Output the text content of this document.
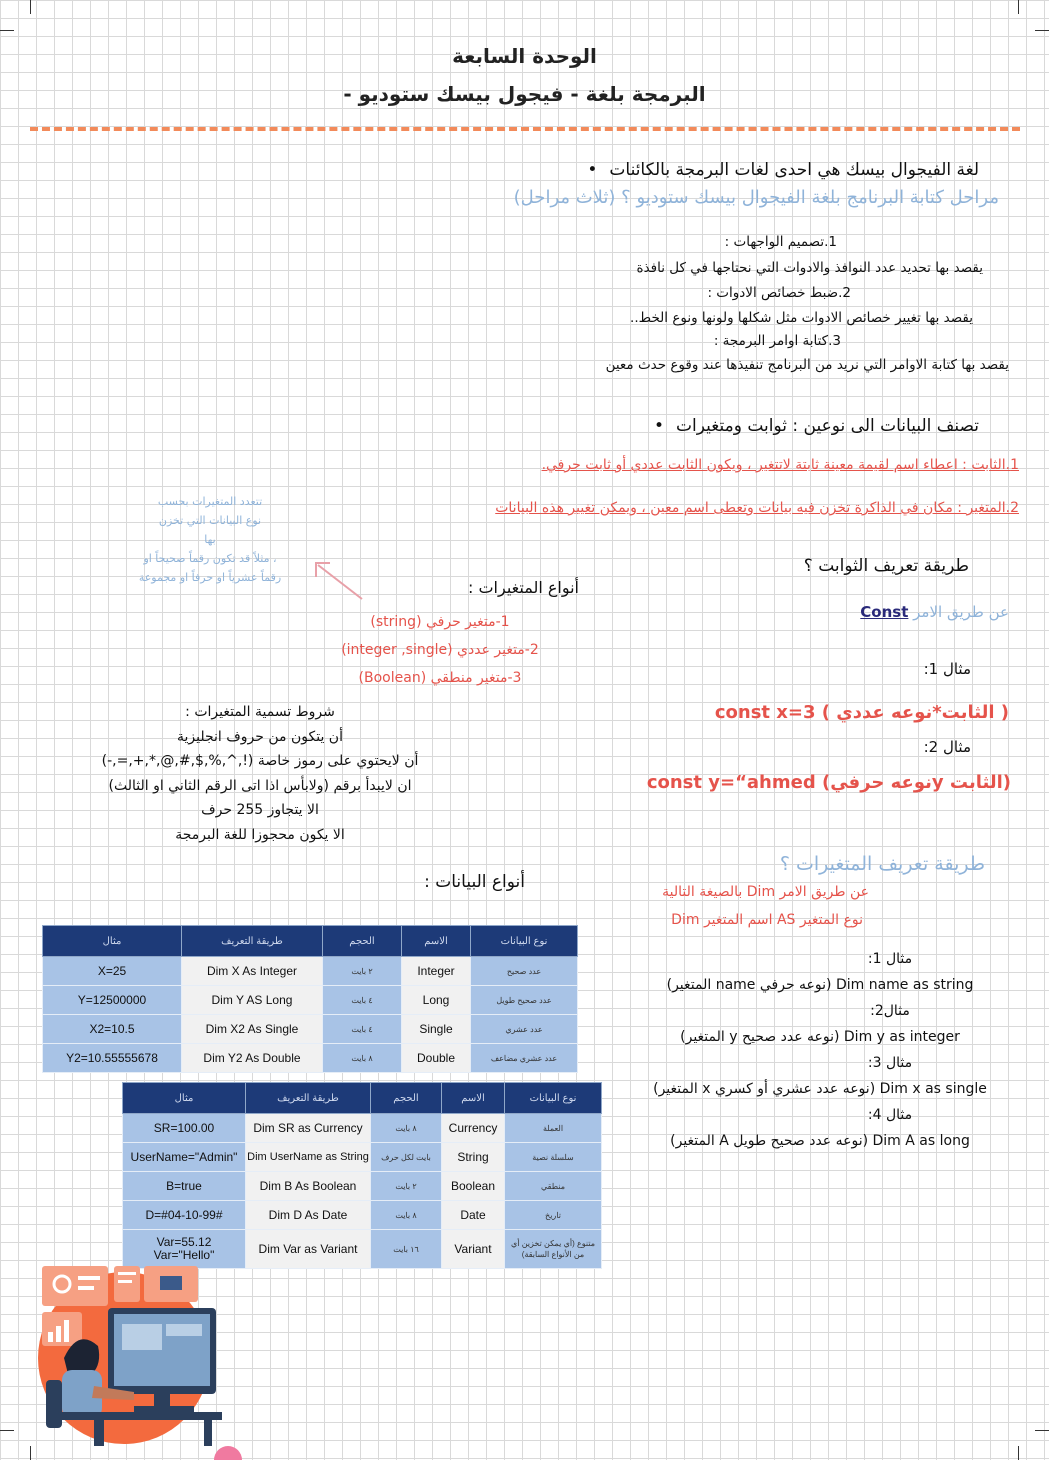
الوحدة السابعة
البرمجة بلغة - فيجول بيسك ستوديو -
لغة الفيجوال بيسك هي احدى لغات البرمجة بالكائنات •
مراحل كتابة البرنامج بلغة الفيجوال بيسك ستوديو ؟ (ثلاث مراحل)
1.تصميم الواجهات :
يقصد بها تحديد عدد النوافذ والادوات التي نحتاجها في كل نافذة
2.ضبط خصائص الادوات :
يقصد بها تغيير خصائص الادوات مثل شكلها ولونها ونوع الخط..
3.كتابة اوامر البرمجة :
يقصد بها كتابة الاوامر التي نريد من البرنامج تنفيذها عند وقوع حدث معين
تصنف البيانات الى نوعين : ثوابت ومتغيرات •
1.الثابت : اعطاء اسم لقيمة معينة ثابتة لاتتغير ، ويكون الثابت عددي أو ثابت حرفي.
2.المتغير : مكان في الذاكرة تخزن فيه بيانات وتعطى اسم معين ، ويمكن تغيير هذه البيانات
تتعدد المتغيرات بحسب
نوع البيانات التي تخزن
بها
، مثلاً قد تكون رقماً صحيحاً او
رقماً عشرياً او حرفاً او مجموعة
طريقة تعريف الثوابت ؟
عن طريق الامر Const
مثال 1:
const x=3 ( الثابت*نوعه عددي )
مثال 2:
const y=“ahmed (نوعه حرفيy الثابت)
أنواع المتغيرات :
1-متغير حرفي (string)
2-متغير عددي (integer ,single)
3-متغير منطقي (Boolean)
شروط تسمية المتغيرات :
أن يتكون من حروف انجليزية
أن لايحتوي على رموز خاصة (!,^,%,$,#,@,*,+,=,-)
ان لايبدأ برقم (ولابأس اذا اتى الرقم الثاني او الثالث)
الا يتجاوز 255 حرف
الا يكون محجوزا للغة البرمجة
طريقة تعريف المتغيرات ؟
عن طريق الامر Dim بالصيغة التالية
Dim اسم المتغير AS نوع المتغير
مثال 1:
Dim name as string (نوعه حرفي name المتغير)
مثال2:
Dim y as integer (نوعه عدد صحيح y المتغير)
مثال 3:
Dim x as single (نوعه عدد عشري أو كسري x المتغير)
مثال 4:
Dim A as long (نوعه عدد صحيح طويل A المتغير)
أنواع البيانات :
مثال	طريقة التعريف	الحجم	الاسم	نوع البيانات
X=25	Dim X As Integer	٢ بايت	Integer	عدد صحيح
Y=12500000	Dim Y AS Long	٤ بايت	Long	عدد صحيح طويل
X2=10.5	Dim X2 As Single	٤ بايت	Single	عدد عشري
Y2=10.55555678	Dim Y2 As Double	٨ بايت	Double	عدد عشري مضاعف
مثال	طريقة التعريف	الحجم	الاسم	نوع البيانات
SR=100.00	Dim SR as Currency	٨ بايت	Currency	العملة
UserName="Admin"	Dim UserName as String	بايت لكل حرف	String	سلسلة نصية
B=true	Dim B As Boolean	٢ بايت	Boolean	منطقي
D=#04-10-99#	Dim D As Date	٨ بايت	Date	تاريخ
Var=55.12 Var="Hello"	Dim Var as Variant	١٦ بايت	Variant	متنوع (أي يمكن تخزين أي من الأنواع السابقة)
